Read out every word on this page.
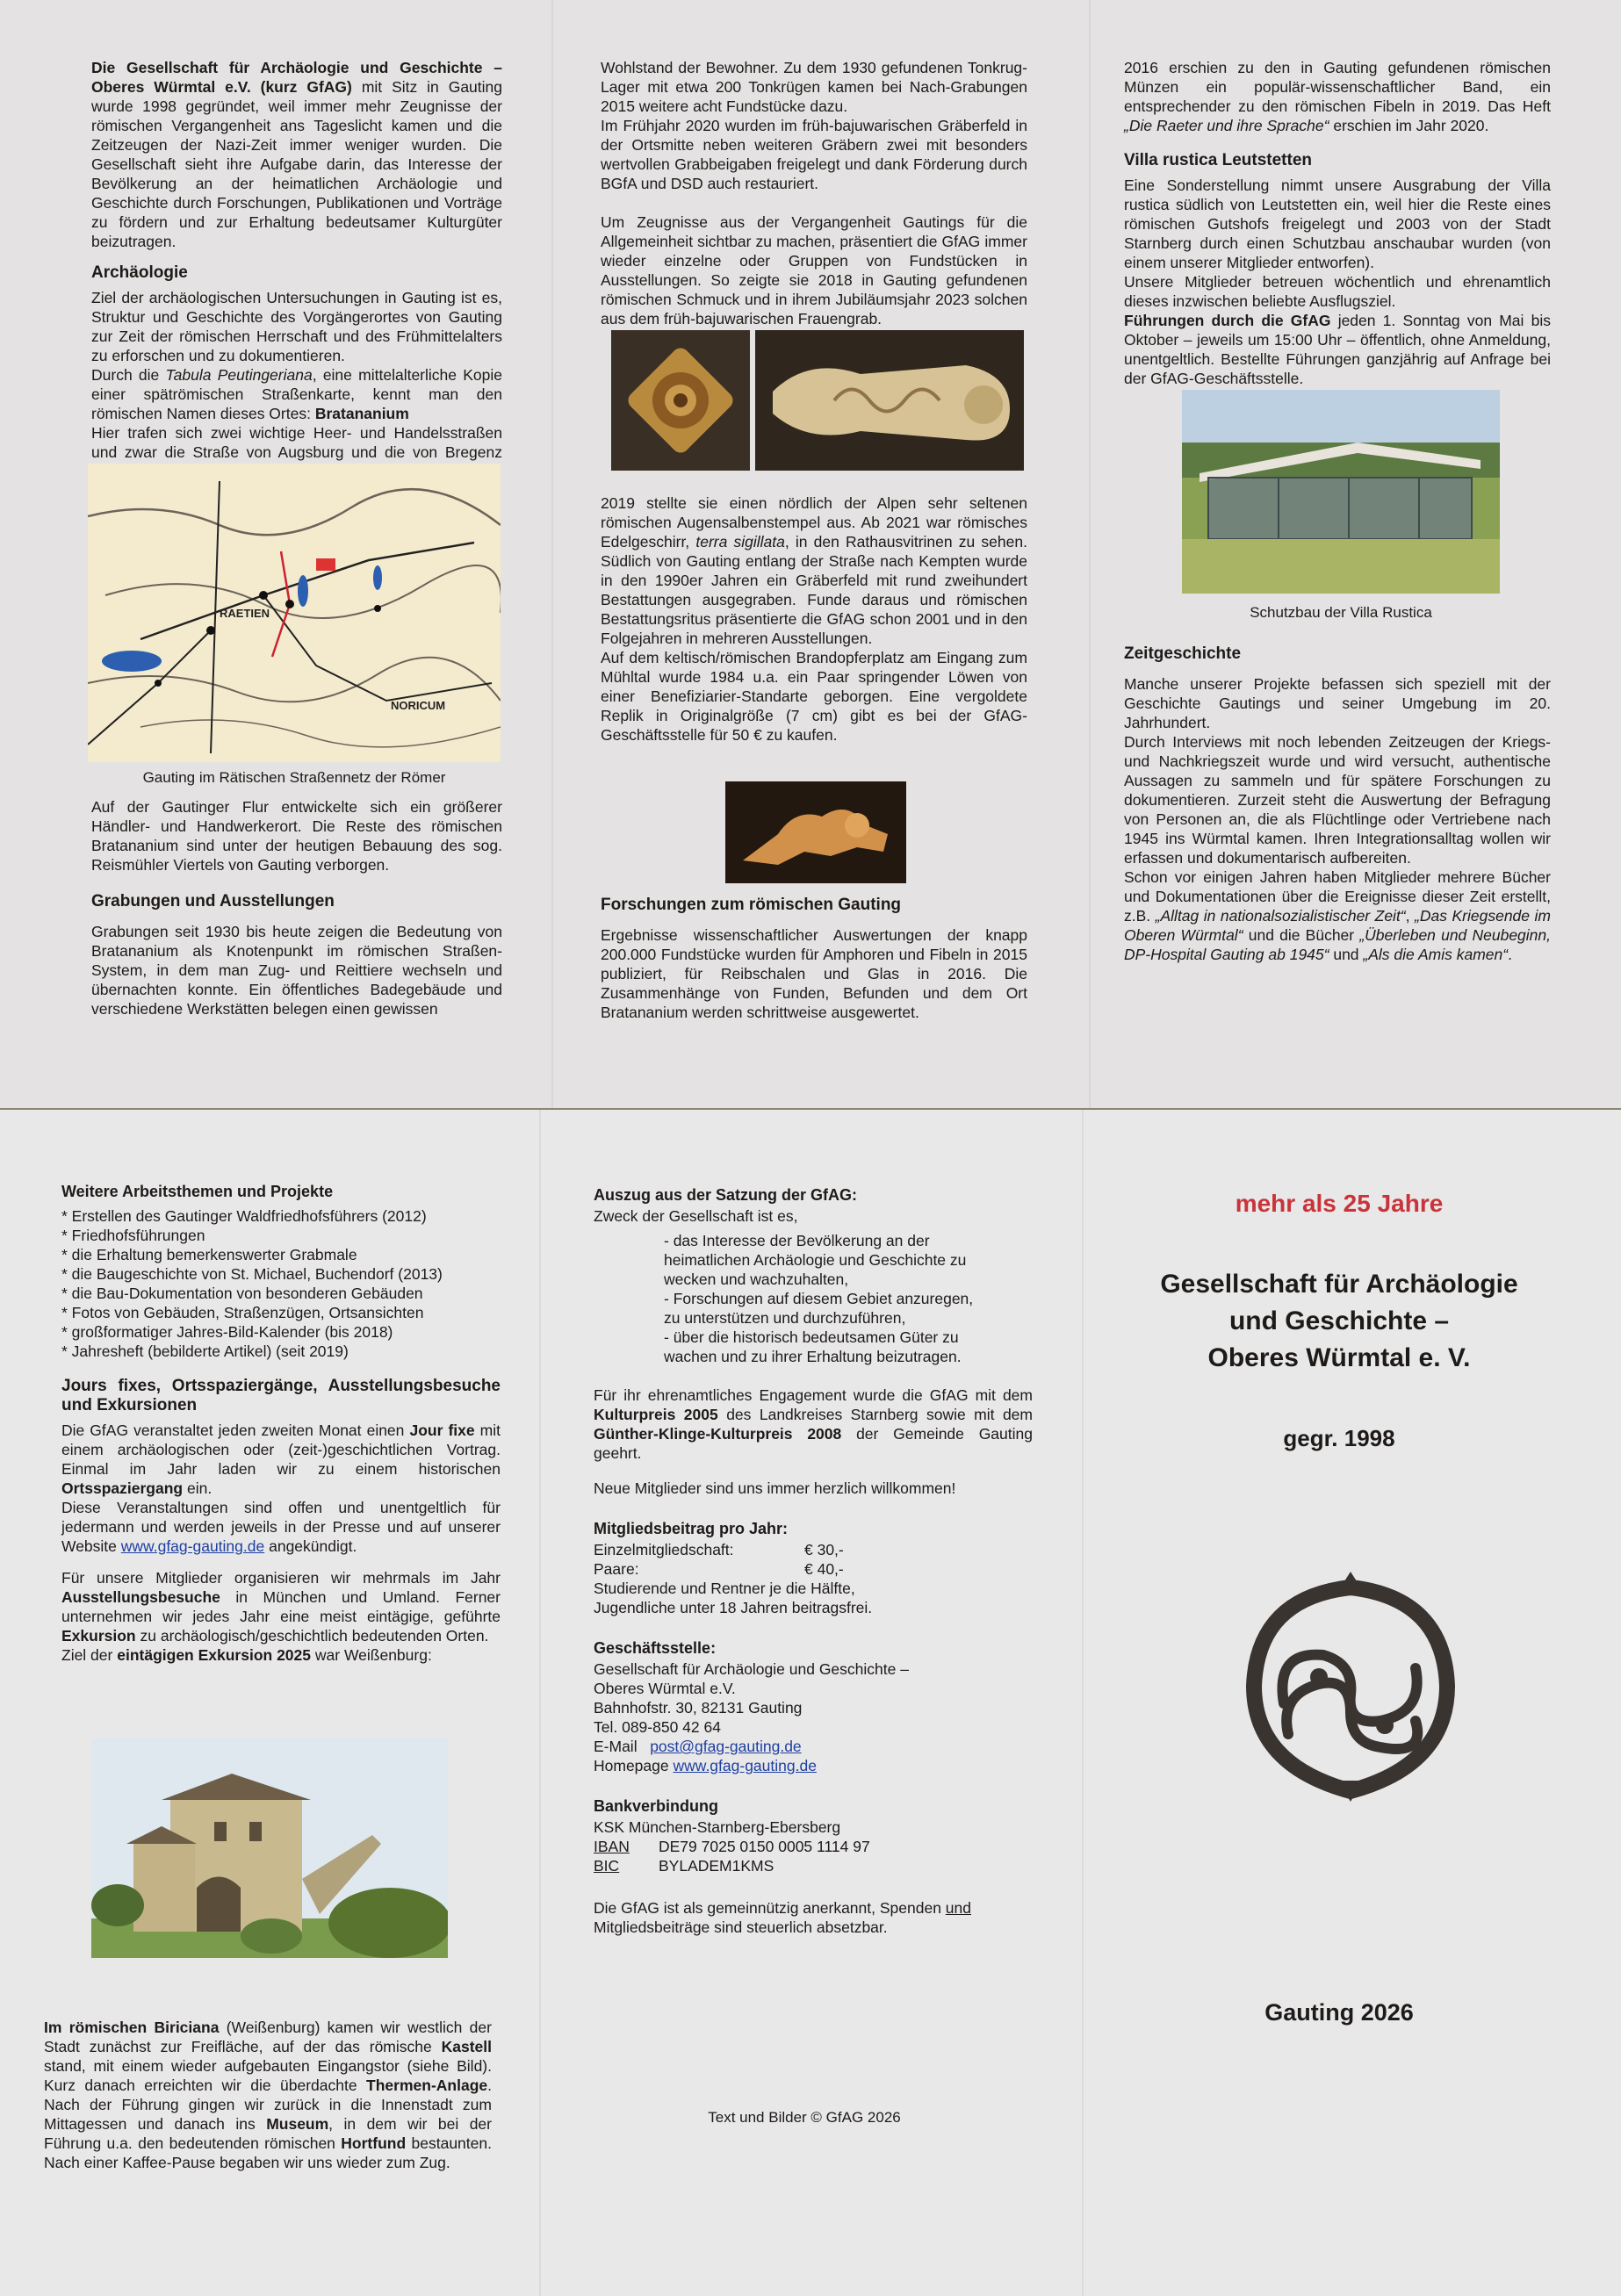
Die Gesellschaft für Archäologie und Geschichte – Oberes Würmtal e.V. (kurz GfAG) mit Sitz in Gauting wurde 1998 gegründet, weil immer mehr Zeugnisse der römischen Vergangenheit ans Tageslicht kamen und die Zeitzeugen der Nazi-Zeit immer weniger wurden. Die Gesellschaft sieht ihre Aufgabe darin, das Interesse der Bevölkerung an der heimatlichen Archäologie und Geschichte durch Forschungen, Publikationen und Vorträge zu fördern und zur Erhaltung bedeutsamer Kulturgüter beizutragen.

Archäologie

Ziel der archäologischen Untersuchungen in Gauting ist es, Struktur und Geschichte des Vorgängerortes von Gauting zur Zeit der römischen Herrschaft und des Frühmittelalters zu erforschen und zu dokumentieren.

Durch die Tabula Peutingeriana, eine mittelalterliche Kopie einer spätrömischen Straßenkarte, kennt man den römischen Namen dieses Ortes: Bratananium

Hier trafen sich zwei wichtige Heer- und Handelsstraßen und zwar die Straße von Augsburg und die von Bregenz

RAETIEN
NORICUM
Gauting im Rätischen Straßennetz der Römer

Auf der Gautinger Flur entwickelte sich ein größerer Händler- und Handwerkerort. Die Reste des römischen Bratananium sind unter der heutigen Bebauung des sog. Reismühler Viertels von Gauting verborgen.

Grabungen und Ausstellungen

Grabungen seit 1930 bis heute zeigen die Bedeutung von Bratananium als Knotenpunkt im römischen Straßen-System, in dem man Zug- und Reittiere wechseln und übernachten konnte. Ein öffentliches Badegebäude und verschiedene Werkstätten belegen einen gewissen

Wohlstand der Bewohner. Zu dem 1930 gefundenen Tonkrug-Lager mit etwa 200 Tonkrügen kamen bei Nach-Grabungen 2015 weitere acht Fundstücke dazu.

Im Frühjahr 2020 wurden im früh-bajuwarischen Gräberfeld in der Ortsmitte neben weiteren Gräbern zwei mit besonders wertvollen Grabbeigaben freigelegt und dank Förderung durch BGfA und DSD auch restauriert.

Um Zeugnisse aus der Vergangenheit Gautings für die Allgemeinheit sichtbar zu machen, präsentiert die GfAG immer wieder einzelne oder Gruppen von Fundstücken in Ausstellungen. So zeigte sie 2018 in Gauting gefundenen römischen Schmuck und in ihrem Jubiläumsjahr 2023 solchen aus dem früh-bajuwarischen Frauengrab.

2019 stellte sie einen nördlich der Alpen sehr seltenen römischen Augensalbenstempel aus. Ab 2021 war römisches Edelgeschirr, terra sigillata, in den Rathausvitrinen zu sehen. Südlich von Gauting entlang der Straße nach Kempten wurde in den 1990er Jahren ein Gräberfeld mit rund zweihundert Bestattungen ausgegraben. Funde daraus und römischen Bestattungsritus präsentierte die GfAG schon 2001 und in den Folgejahren in mehreren Ausstellungen.

Auf dem keltisch/römischen Brandopferplatz am Eingang zum Mühltal wurde 1984 u.a. ein Paar springender Löwen von einer Benefiziarier-Standarte geborgen. Eine vergoldete Replik in Originalgröße (7 cm) gibt es bei der GfAG-Geschäftsstelle für 50 € zu kaufen.

Forschungen zum römischen Gauting

Ergebnisse wissenschaftlicher Auswertungen der knapp 200.000 Fundstücke wurden für Amphoren und Fibeln in 2015 publiziert, für Reibschalen und Glas in 2016. Die Zusammenhänge von Funden, Befunden und dem Ort Bratananium werden schrittweise ausgewertet.

2016 erschien zu den in Gauting gefundenen römischen Münzen ein populär-wissenschaftlicher Band, ein entsprechender zu den römischen Fibeln in 2019. Das Heft „Die Raeter und ihre Sprache“ erschien im Jahr 2020.

Villa rustica Leutstetten

Eine Sonderstellung nimmt unsere Ausgrabung der Villa rustica südlich von Leutstetten ein, weil hier die Reste eines römischen Gutshofs freigelegt und 2003 von der Stadt Starnberg durch einen Schutzbau anschaubar wurden (von einem unserer Mitglieder entworfen).

Unsere Mitglieder betreuen wöchentlich und ehrenamtlich dieses inzwischen beliebte Ausflugsziel.

Führungen durch die GfAG jeden 1. Sonntag von Mai bis Oktober – jeweils um 15:00 Uhr – öffentlich, ohne Anmeldung, unentgeltlich. Bestellte Führungen ganzjährig auf Anfrage bei der GfAG-Geschäftsstelle.

Schutzbau der Villa Rustica
Zeitgeschichte

Manche unserer Projekte befassen sich speziell mit der Geschichte Gautings und seiner Umgebung im 20. Jahrhundert.

Durch Interviews mit noch lebenden Zeitzeugen der Kriegs- und Nachkriegszeit wurde und wird versucht, authentische Aussagen zu sammeln und für spätere Forschungen zu dokumentieren. Zurzeit steht die Auswertung der Befragung von Personen an, die als Flüchtlinge oder Vertriebene nach 1945 ins Würmtal kamen. Ihren Integrationsalltag wollen wir erfassen und dokumentarisch aufbereiten.

Schon vor einigen Jahren haben Mitglieder mehrere Bücher und Dokumentationen über die Ereignisse dieser Zeit erstellt, z.B. „Alltag in nationalsozialistischer Zeit“, „Das Kriegsende im Oberen Würmtal“ und die Bücher „Überleben und Neubeginn, DP-Hospital Gauting ab 1945“ und „Als die Amis kamen“.

Weitere Arbeitsthemen und Projekte

* Erstellen des Gautinger Waldfriedhofsführers (2012)

* Friedhofsführungen

* die Erhaltung bemerkenswerter Grabmale

* die Baugeschichte von St. Michael, Buchendorf (2013)

* die Bau-Dokumentation von besonderen Gebäuden

* Fotos von Gebäuden, Straßenzügen, Ortsansichten

* großformatiger Jahres-Bild-Kalender (bis 2018)

* Jahresheft (bebilderte Artikel) (seit 2019)

Jours fixes, Ortsspaziergänge, Ausstellungsbesuche und Exkursionen

Die GfAG veranstaltet jeden zweiten Monat einen Jour fixe mit einem archäologischen oder (zeit-)geschichtlichen Vortrag. Einmal im Jahr laden wir zu einem historischen Ortsspaziergang ein.

Diese Veranstaltungen sind offen und unentgeltlich für jedermann und werden jeweils in der Presse und auf unserer Website www.gfag-gauting.de angekündigt.

Für unsere Mitglieder organisieren wir mehrmals im Jahr Ausstellungsbesuche in München und Umland. Ferner unternehmen wir jedes Jahr eine meist eintägige, geführte Exkursion zu archäologisch/geschichtlich bedeutenden Orten.

Ziel der eintägigen Exkursion 2025 war Weißenburg:

Im römischen Biriciana (Weißenburg) kamen wir westlich der Stadt zunächst zur Freifläche, auf der das römische Kastell stand, mit einem wieder aufgebauten Eingangstor (siehe Bild). Kurz danach erreichten wir die überdachte Thermen-Anlage. Nach der Führung gingen wir zurück in die Innenstadt zum Mittagessen und danach ins Museum, in dem wir bei der Führung u.a. den bedeutenden römischen Hortfund bestaunten. Nach einer Kaffee-Pause begaben wir uns wieder zum Zug.

Auszug aus der Satzung der GfAG:

Zweck der Gesellschaft ist es,

- das Interesse der Bevölkerung an der heimatlichen Archäologie und Geschichte zu wecken und wachzuhalten,

- Forschungen auf diesem Gebiet anzuregen, zu unterstützen und durchzuführen,

- über die historisch bedeutsamen Güter zu wachen und zu ihrer Erhaltung beizutragen.

Für ihr ehrenamtliches Engagement wurde die GfAG mit dem Kulturpreis 2005 des Landkreises Starnberg sowie mit dem Günther-Klinge-Kulturpreis 2008 der Gemeinde Gauting geehrt.

Neue Mitglieder sind uns immer herzlich willkommen!

Mitgliedsbeitrag pro Jahr:
Einzelmitgliedschaft:	€ 30,-
Paare:	€ 40,-

Studierende und Rentner je die Hälfte,

Jugendliche unter 18 Jahren beitragsfrei.

Geschäftsstelle:

Gesellschaft für Archäologie und Geschichte –

Oberes Würmtal e.V.

Bahnhofstr. 30, 82131 Gauting

Tel. 089-850 42 64

E-Mail post@gfag-gauting.de

Homepage www.gfag-gauting.de

Bankverbindung

KSK München-Starnberg-Ebersberg

IBAN	DE79 7025 0150 0005 1114 97
BIC	BYLADEM1KMS

Die GfAG ist als gemeinnützig anerkannt, Spenden und
Mitgliedsbeiträge sind steuerlich absetzbar.

Text und Bilder © GfAG 2026
mehr als 25 Jahre
Gesellschaft für Archäologie
und Geschichte –
Oberes Würmtal e. V.
gegr. 1998
Gauting 2026
